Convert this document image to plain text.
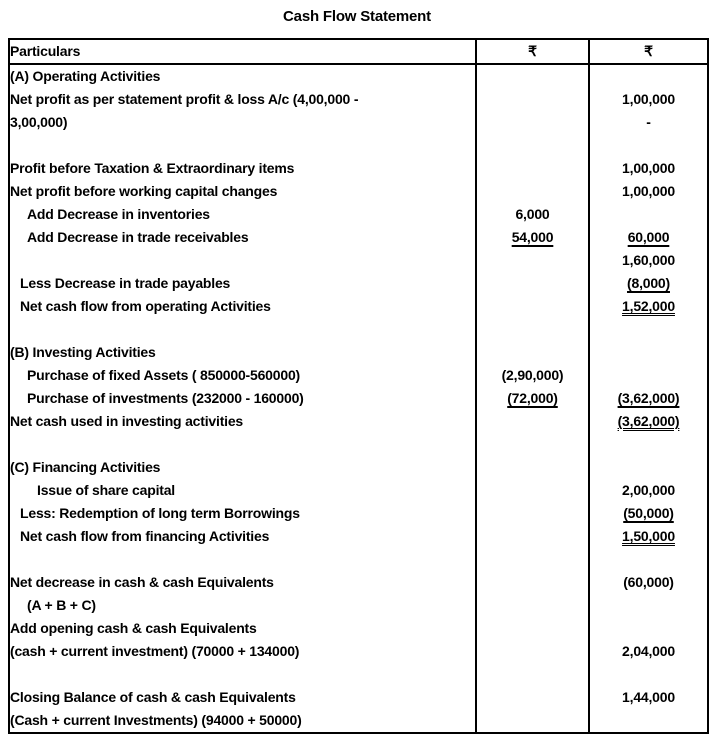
Cash Flow Statement
Particulars	₹	₹
(A) Operating Activities		
Net profit as per statement profit & loss A/c (4,00,000 -		1,00,000
3,00,000)		-

Profit before Taxation & Extraordinary items		1,00,000
Net profit before working capital changes		1,00,000
Add Decrease in inventories	6,000	
Add Decrease in trade receivables	54,000	60,000
		1,60,000
Less Decrease in trade payables		(8,000)
Net cash flow from operating Activities		1,52,000

(B) Investing Activities		
Purchase of fixed Assets ( 850000-560000)	(2,90,000)	
Purchase of investments (232000 - 160000)	(72,000)	(3,62,000)
Net cash used in investing activities		(3,62,000)

(C) Financing Activities		
Issue of share capital		2,00,000
Less: Redemption of long term Borrowings		(50,000)
Net cash flow from financing Activities		1,50,000

Net decrease in cash & cash Equivalents		(60,000)
(A + B + C)		
Add opening cash & cash Equivalents		
(cash + current investment) (70000 + 134000)		2,04,000

Closing Balance of cash & cash Equivalents		1,44,000
(Cash + current Investments) (94000 + 50000)		
